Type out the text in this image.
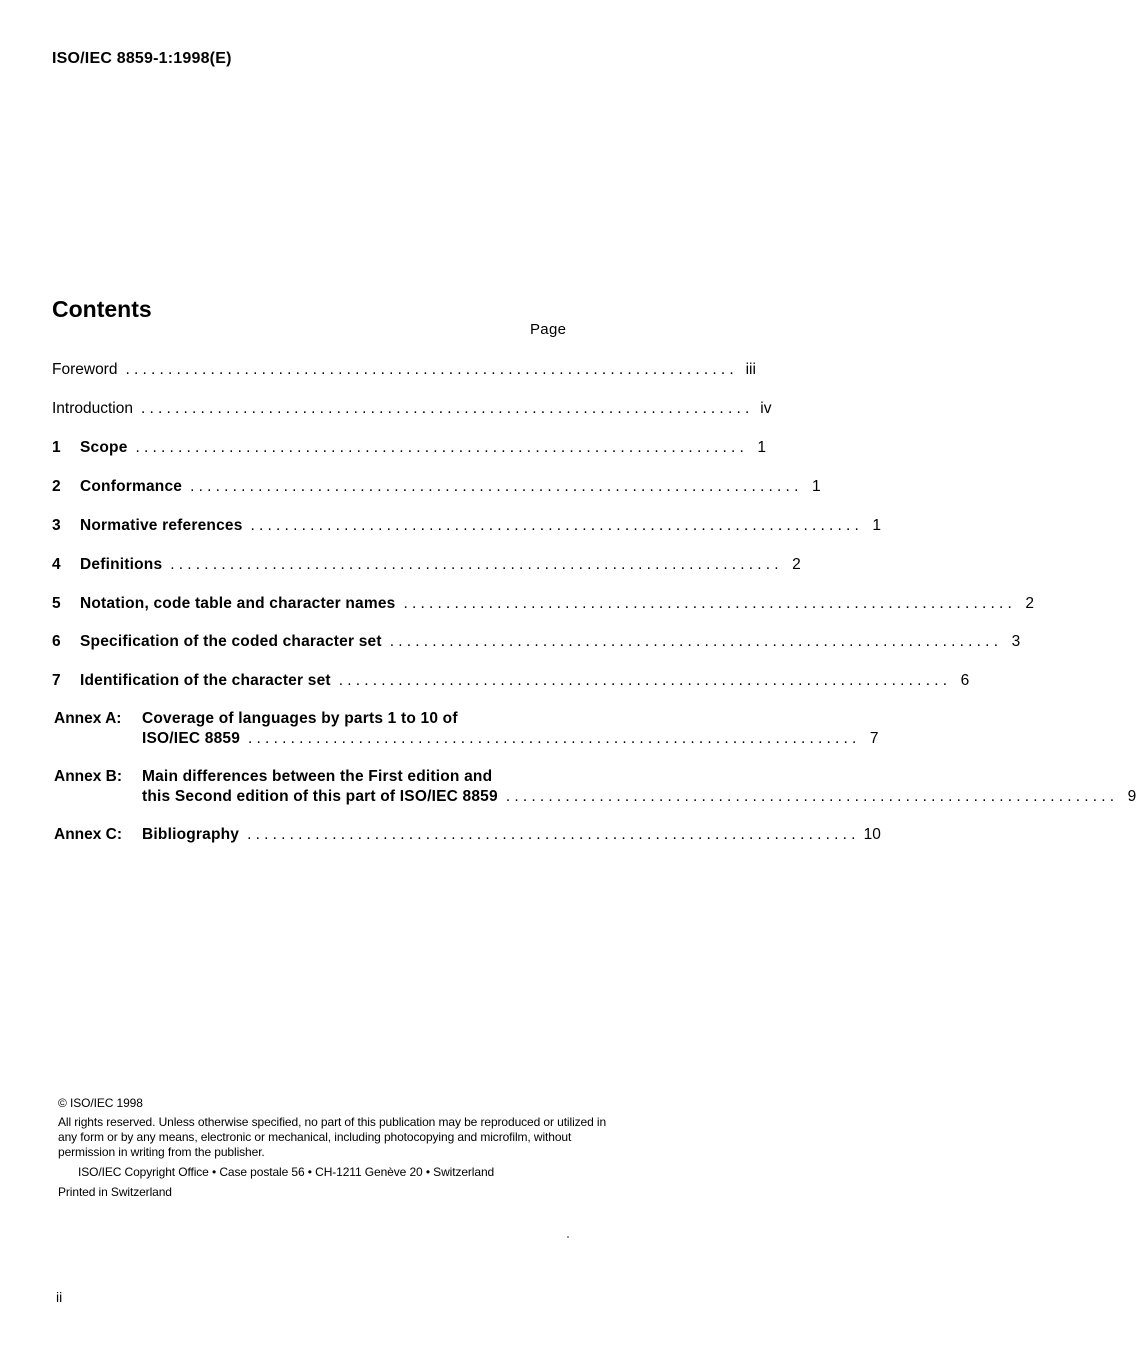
ISO/IEC 8859-1:1998(E)
Contents
Page
Foreword ........................................................................ iii
Introduction ........................................................................ iv
1	Scope ........................................................................ 1
2	Conformance ........................................................................ 1
3	Normative references ........................................................................ 1
4	Definitions ........................................................................ 2
5	Notation, code table and character names ........................................................................ 2
6	Specification of the coded character set ........................................................................ 3
7	Identification of the character set ........................................................................ 6
Annex A:	Coverage of languages by parts 1 to 10 of
ISO/IEC 8859 ........................................................................ 7
Annex B:	Main differences between the First edition and
this Second edition of this part of ISO/IEC 8859 ........................................................................ 9
Annex C:	Bibliography ........................................................................ 10

© ISO/IEC 1998

All rights reserved. Unless otherwise specified, no part of this publication may be reproduced or utilized in any form or by any means, electronic or mechanical, including photocopying and microfilm, without permission in writing from the publisher.

ISO/IEC Copyright Office • Case postale 56 • CH-1211 Genève 20 • Switzerland

Printed in Switzerland

ii
